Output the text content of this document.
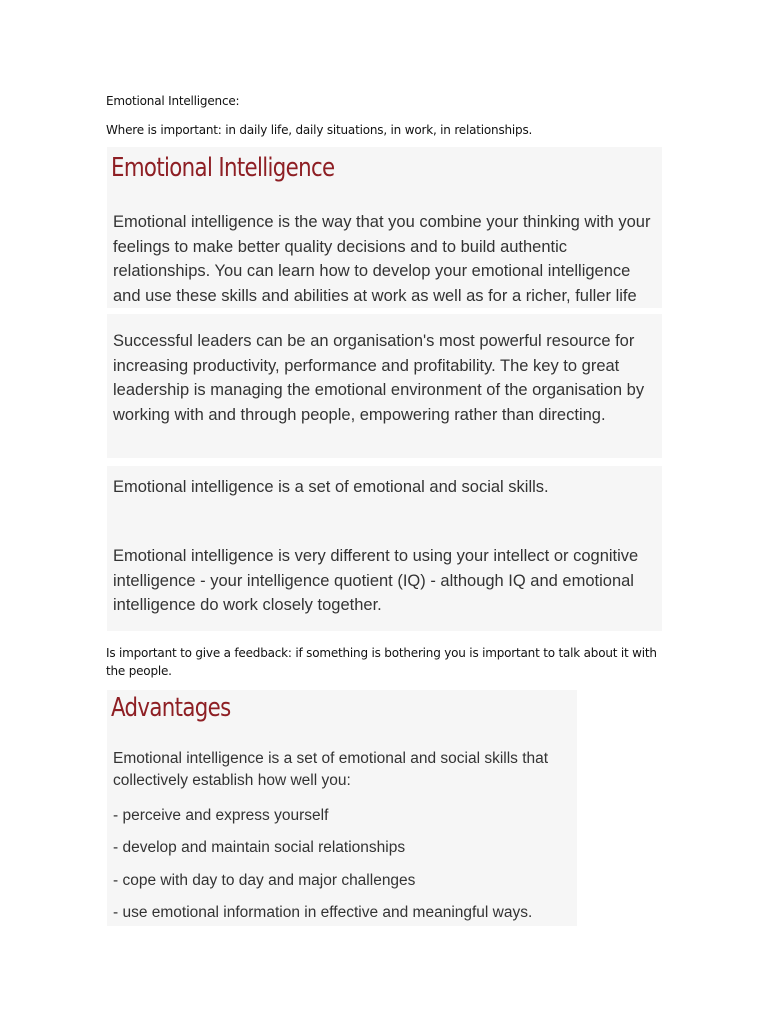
Emotional Intelligence:
Where is important: in daily life, daily situations, in work, in relationships.
Emotional Intelligence
Emotional intelligence is the way that you combine your thinking with your feelings to make better quality decisions and to build authentic relationships. You can learn how to develop your emotional intelligence and use these skills and abilities at work as well as for a richer, fuller life
Successful leaders can be an organisation's most powerful resource for increasing productivity, performance and profitability. The key to great leadership is managing the emotional environment of the organisation by working with and through people, empowering rather than directing.
Emotional intelligence is a set of emotional and social skills.
Emotional intelligence is very different to using your intellect or cognitive intelligence - your intelligence quotient (IQ) - although IQ and emotional intelligence do work closely together.
Is important to give a feedback: if something is bothering you is important to talk about it with the people.
Advantages
Emotional intelligence is a set of emotional and social skills that collectively establish how well you:
- perceive and express yourself
- develop and maintain social relationships
- cope with day to day and major challenges
- use emotional information in effective and meaningful ways.
